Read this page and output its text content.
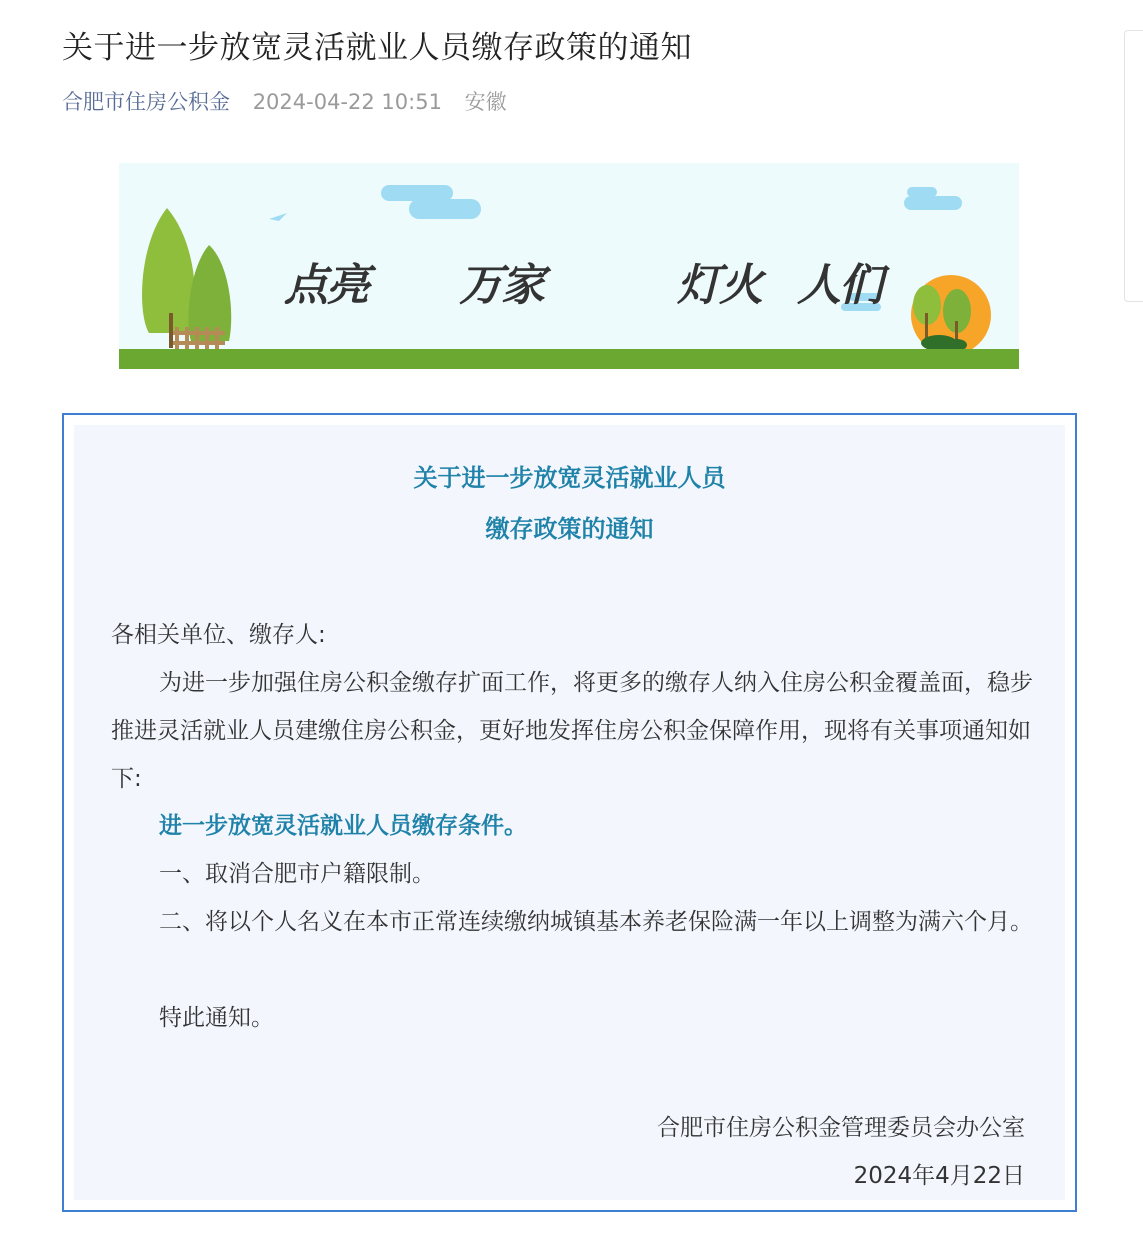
关于进一步放宽灵活就业人员缴存政策的通知
合肥市住房公积金 2024-04-22 10:51 安徽
点亮 万家	灯火 人们
关于进一步放宽灵活就业人员
缴存政策的通知

各相关单位、缴存人:

为进一步加强住房公积金缴存扩面工作，将更多的缴存人纳入住房公积金覆盖面，稳步推进灵活就业人员建缴住房公积金，更好地发挥住房公积金保障作用，现将有关事项通知如下:

进一步放宽灵活就业人员缴存条件。

一、取消合肥市户籍限制。

二、将以个人名义在本市正常连续缴纳城镇基本养老保险满一年以上调整为满六个月。

特此通知。

合肥市住房公积金管理委员会办公室
2024年4月22日
